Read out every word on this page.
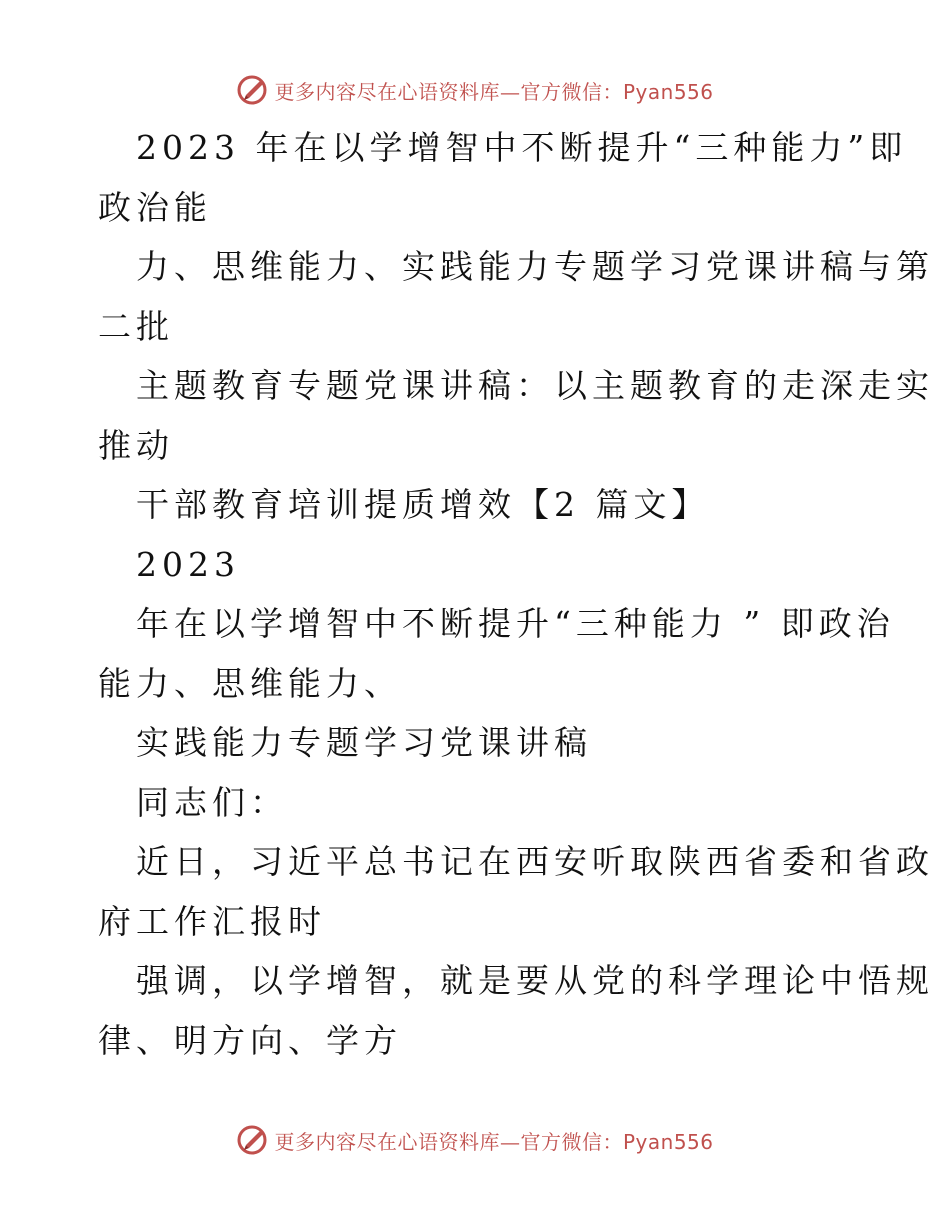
更多内容尽在心语资料库—官方微信：Pyan556
2023 年在以学增智中不断提升“三种能力”即
政治能
力、思维能力、实践能力专题学习党课讲稿与第
二批
主题教育专题党课讲稿：以主题教育的走深走实
推动
干部教育培训提质增效【2 篇文】
2023
年在以学增智中不断提升“三种能力 ” 即政治
能力、思维能力、
实践能力专题学习党课讲稿
同志们：
近日，习近平总书记在西安听取陕西省委和省政
府工作汇报时
强调，以学增智，就是要从党的科学理论中悟规
律、明方向、学方
更多内容尽在心语资料库—官方微信：Pyan556
